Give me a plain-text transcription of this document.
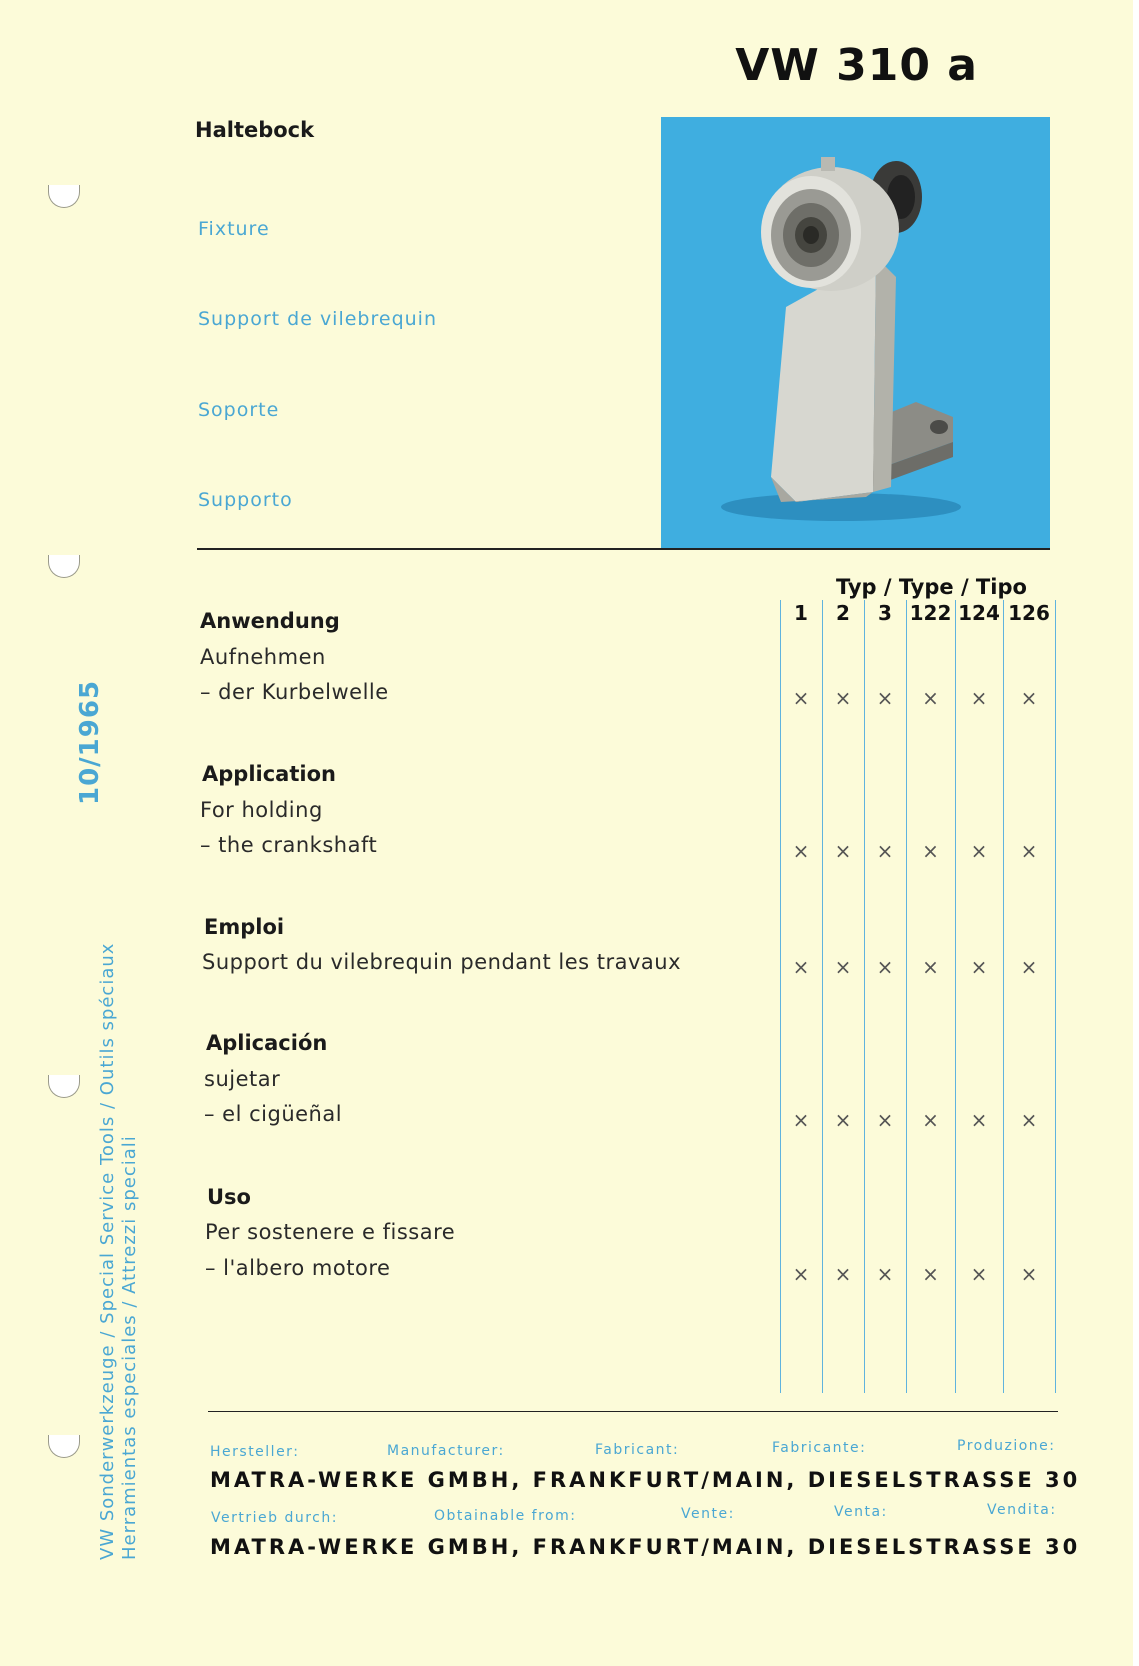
VW 310 a
Haltebock
Fixture
Support de vilebrequin
Soporte
Supporto
VW Sonderwerkzeuge / Special Service Tools / Outils spéciaux Herramientas especiales / Attrezzi speciali
10/1965
Typ / Type / Tipo
Anwendung
Aufnehmen
– der Kurbelwelle
Application
For holding
– the crankshaft
Emploi
Support du vilebrequin pendant les travaux
Aplicación
sujetar
– el cigüeñal
Uso
Per sostenere e fissare
– l'albero motore
Hersteller:	Manufacturer:	Fabricant:	Fabricante:	Produzione:
MATRA-WERKE GMBH, FRANKFURT/MAIN, DIESELSTRASSE 30
Vertrieb durch:	Obtainable from:	Vente:	Venta:	Vendita:
MATRA-WERKE GMBH, FRANKFURT/MAIN, DIESELSTRASSE 30
1	2	3 122 124 126
× × × × × ×
× × × × × ×
× × × × × ×
× × × × × ×
× × × × × ×
